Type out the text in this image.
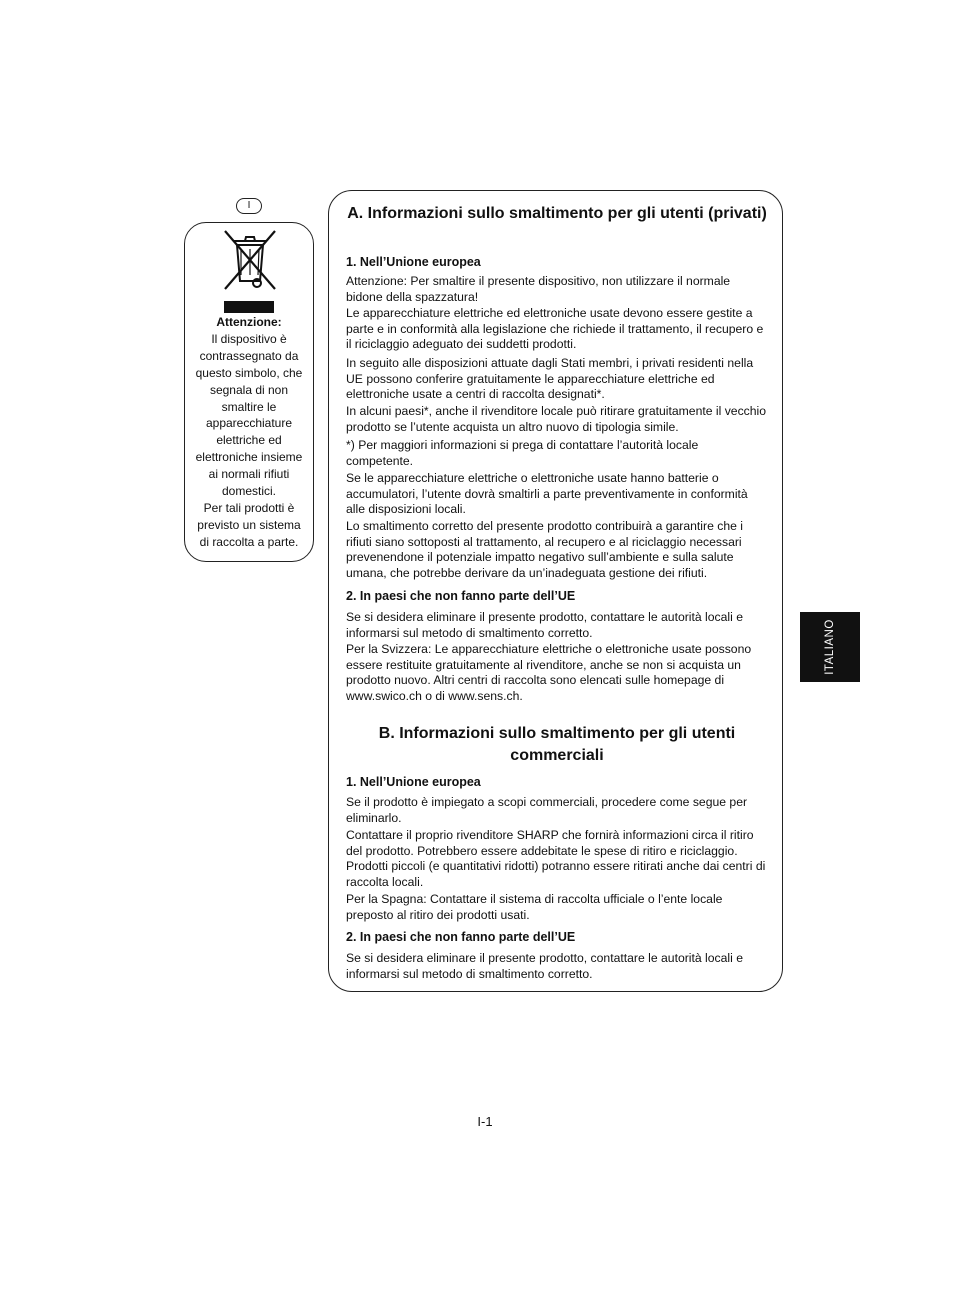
I
Attenzione:
Il dispositivo è contrassegnato da questo simbolo, che segnala di non smaltire le apparecchiature elettriche ed elettroniche insieme ai normali rifiuti domestici.
Per tali prodotti è previsto un sistema di raccolta a parte.
A. Informazioni sullo smaltimento per gli utenti (privati)
1. Nell’Unione europea

Attenzione: Per smaltire il presente dispositivo, non utilizzare il normale bidone della spazzatura!

Le apparecchiature elettriche ed elettroniche usate devono essere gestite a parte e in conformità alla legislazione che richiede il trattamento, il recupero e il riciclaggio adeguato dei suddetti prodotti.

In seguito alle disposizioni attuate dagli Stati membri, i privati residenti nella UE possono conferire gratuitamente le apparecchiature elettriche ed elettroniche usate a centri di raccolta designati*.

In alcuni paesi*, anche il rivenditore locale può ritirare gratuitamente il vecchio prodotto se l’utente acquista un altro nuovo di tipologia simile.

*) Per maggiori informazioni si prega di contattare l’autorità locale competente.

Se le apparecchiature elettriche o elettroniche usate hanno batterie o accumulatori, l’utente dovrà smaltirli a parte preventivamente in conformità alle disposizioni locali.

Lo smaltimento corretto del presente prodotto contribuirà a garantire che i rifiuti siano sottoposti al trattamento, al recupero e al riciclaggio necessari prevenendone il potenziale impatto negativo sull’ambiente e sulla salute umana, che potrebbe derivare da un’inadeguata gestione dei rifiuti.

2. In paesi che non fanno parte dell’UE

Se si desidera eliminare il presente prodotto, contattare le autorità locali e informarsi sul metodo di smaltimento corretto.

Per la Svizzera: Le apparecchiature elettriche o elettroniche usate possono essere restituite gratuitamente al rivenditore, anche se non si acquista un prodotto nuovo. Altri centri di raccolta sono elencati sulle homepage di www.swico.ch o di www.sens.ch.

B. Informazioni sullo smaltimento per gli utenti commerciali
1. Nell’Unione europea

Se il prodotto è impiegato a scopi commerciali, procedere come segue per eliminarlo.

Contattare il proprio rivenditore SHARP che fornirà informazioni circa il ritiro del prodotto. Potrebbero essere addebitate le spese di ritiro e riciclaggio. Prodotti piccoli (e quantitativi ridotti) potranno essere ritirati anche dai centri di raccolta locali.

Per la Spagna: Contattare il sistema di raccolta ufficiale o l’ente locale preposto al ritiro dei prodotti usati.

2. In paesi che non fanno parte dell’UE

Se si desidera eliminare il presente prodotto, contattare le autorità locali e informarsi sul metodo di smaltimento corretto.

ITALIANO
I-1
